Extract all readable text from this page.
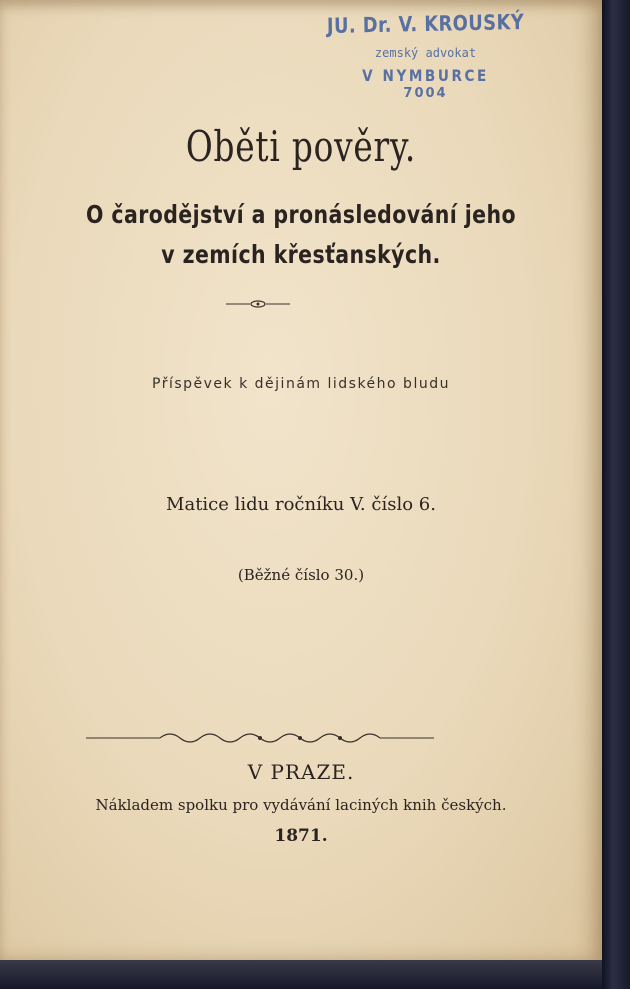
JU. Dr. V. KROUSKÝ
zemský advokat
V NYMBURCE
7004
Oběti pověry.
O čarodějství a pronásledování jeho
v zemích křesťanských.
Příspěvek k dějinám lidského bludu
Matice lidu ročníku V. číslo 6.
(Běžné číslo 30.)
V PRAZE.
Nákladem spolku pro vydávání laciných knih českých.
1871.
